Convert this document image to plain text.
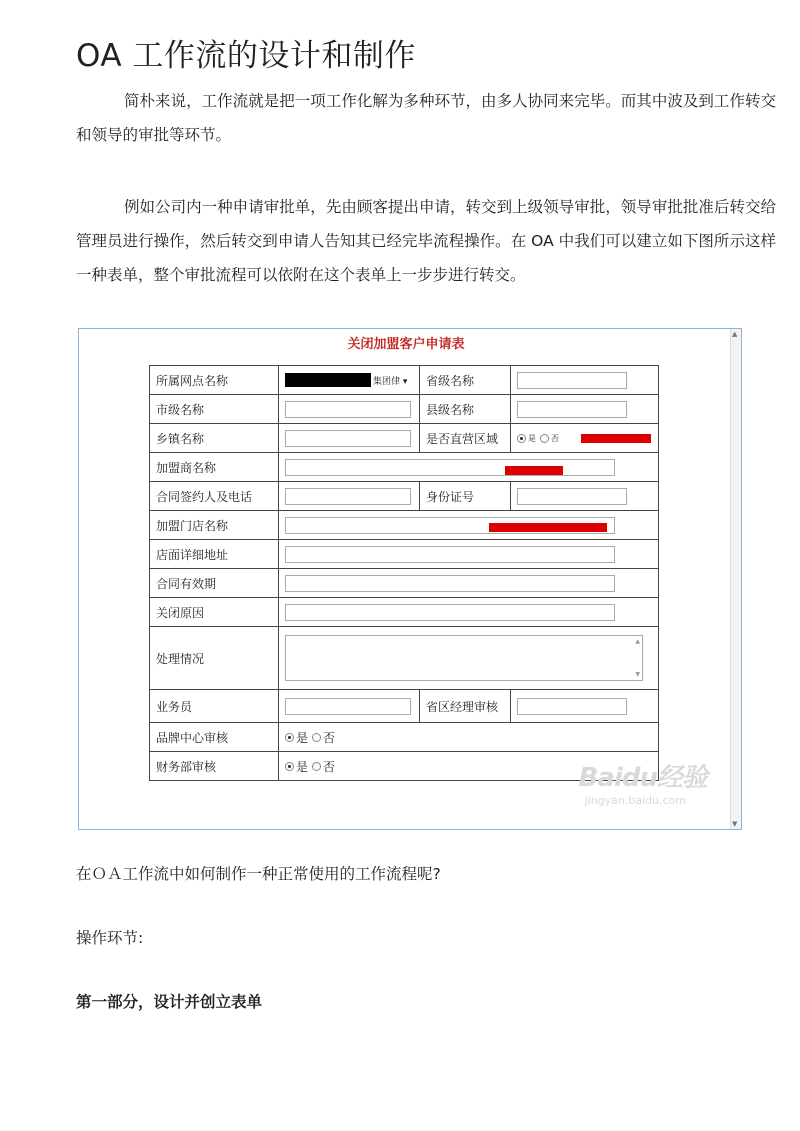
OA 工作流的设计和制作
简朴来说，工作流就是把一项工作化解为多种环节，由多人协同来完毕。而其中波及到工作转交和领导的审批等环节。
例如公司内一种申请审批单，先由顾客提出申请，转交到上级领导审批，领导审批批准后转交给管理员进行操作，然后转交到申请人告知其已经完毕流程操作。在 OA 中我们可以建立如下图所示这样一种表单，整个审批流程可以依附在这个表单上一步步进行转交。
关闭加盟客户申请表
▲
▼
所属网点名称	集团侓 ▾	省级名称	
市级名称		县级名称	
乡镇名称		是否直营区域	是 否

加盟商名称			

合同签约人及电话		身份证号	
加盟门店名称			

店面详细地址			
合同有效期			
关闭原因			
处理情况	▲
▼		

业务员		省区经理审核	
品牌中心审核	是 否		
财务部审核	是 否			Baidu经验
jingyan.baidu.com
在ＯＡ工作流中如何制作一种正常使用的工作流程呢?
操作环节:
第一部分，设计并创立表单
